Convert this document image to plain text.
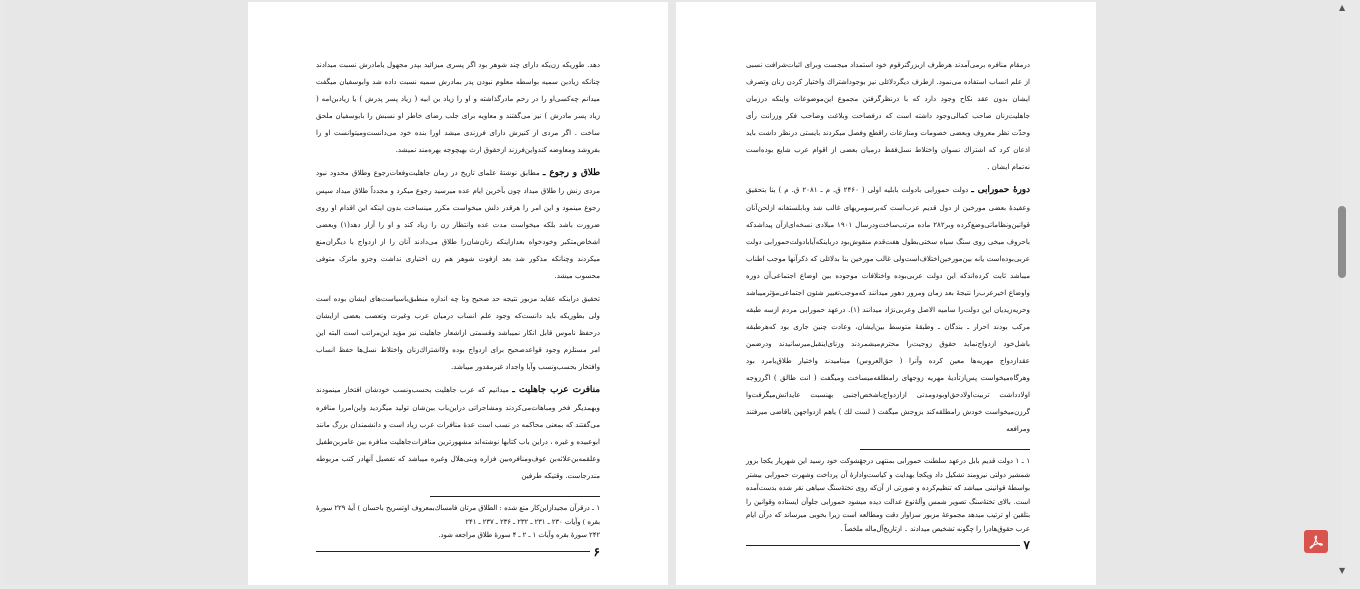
دهد. طوریکه زن‌یکه دارای چند شوهر بود اگر پسری میزائید بپدر مجهول یامادرش نسبت میدادند چنانکه زیادبن سمیه بواسطه معلوم نبودن پدر بمادرش سمیه نسبت داده شد وابوسفیان میگفت میدانم چه‌کسی‌او را در رحم مادرگذاشته و او را زیاد بن ابیه ( زیاد پسر پدرش ) یا زیادبن‌امه ( زیاد پسر مادرش ) نیز می‌گفتند و معاویه برای جلب رضای خاطر او نسبش را بابوسفیان ملحق ساخت . اگر مردی از کنیزش دارای فرزندی میشد اورا بنده خود می‌دانست‌ومیتوانست او را بفروشد ومعاوضه کندواین‌فرزند ازحقوق ارث بهیچوجه بهره‌مند نمیشد.

طلاق و رجوع ـ مطابق نوشتهٔ علمای تاریخ در زمان جاهلیت‌وفعات‌رجوع وطلاق محدود نبود مردی زنش را طلاق میداد چون بآخرین ایام عده میرسید رجوع میکرد و مجدداً طلاق میداد سپس رجوع مینمود و این امر را هرقدر دلش میخواست مکرر مینساخت بدون اینکه این اقدام او روی ضرورت باشد بلکه میخواست مدت عده وانتظار زن را زیاد کند و او را آزار دهد(۱) وبعضی اشخاص‌متکبر وخودخواه بعدازاینکه زنان‌شان‌را طلاق می‌دادند آنان را از ازدواج با دیگران‌منع میکردند وچنانکه مذکور شد بعد ازفوت شوهر هم زن اختیاری نداشت وجزو ماترک متوفی محسوب میشد.

تحقیق دراینکه عقاید مزبور نتیجه حد صحیح ونا چه اندازه منطبق‌باسیاست‌های ایشان بوده است ولی بطوریکه باید دانست‌که وجود علم انساب درمیان عرب وغیرت وتعصب بعضی ازایشان درحفظ ناموس قابل انکار نمیباشد وقسمتی ازاشعار جاهلیت نیز مؤید این‌مراتب است البته این امر مستلزم وجود قواعدصحیح برای ازدواج بوده ولااشتراك‌زنان واختلاط نسل‌ها حفظ انساب وافتخار بحسب‌ونسب وآبا واجداد غیرمقدور میباشد.

منافرت عرب جاهلیت ـ میدانیم که عرب جاهلیت بحسب‌ونسب خودشان افتخار مینمودند وبهمدیگر فخر ومباهات‌می‌کردند ومشاجراتی دراین‌باب بین‌شان تولید میگردید واین‌امررا منافره می‌گفتند که بمعنی محاکمه در نسب است عدهٔ منافرات عرب زیاد است و دانشمندان بزرگ مانند ابوعبیده و غیره ، دراین باب کتابها نوشته‌اند مشهورترین منافرات‌جاهلیت منافره بین عامربن‌طفیل وعلقمه‌بن‌علاثه‌بن عوف‌ومنافره‌بین فزاره وبنی‌هلال وغیره میباشد که تفصیل آنهادر کتب مربوطه مندرجاست. وقتیکه طرفین

۱ ـ درقرآن مجیدازاین‌کار منع شده : الطلاق مرتان فامساك‌بمعروف اوتسریح باحسان ) آیهٔ ۲۲۹ سورهٔ بقره ) وآیات ۲۳۰ ـ ۲۳۱ ـ ۲۳۲ ـ ۲۳۶ ـ ۲۳۷ ـ ۲۴۱

۲۴۲ سورهٔ بقره وآیات ۱ ـ ۲ ـ ۴ سورهٔ طلاق مراجعه شود.

۶

درمقام منافره برمی‌آمدند هرطرف ازبزرگترقوم خود استمداد میجست وبرای اثبات‌شرافت نسبی از علم انساب استفاده می‌نمود. ازطرف دیگردلائلی نیز بوجوداشتراك واختیار کردن زنان وتصرف ایشان بدون عقد نکاح وجود دارد که با درنظرگرفتن مجموع این‌موضوعات واینکه درزمان جاهلیت‌زنان صاحب کمالی‌وجود داشته است که درفصاحت وبلاغت وصاحب فکر وزرانت رأی وحدّت نظر معروف وبعضی خصومات ومنازعات راقطع وفصل میکردند بایستی درنظر داشت باید اذعان کرد که اشتراك نسوان واختلاط نسل‌فقط درمیان بعضی از اقوام عرب شایع بوده‌است نه‌تمام ایشان .

دورهٔ حمورابی ـ دولت حمورابی بادولت بابلیه اولی ( ۲۴۶۰ ق. م ـ ۲۰۸۱ ق. م ) بنا بتحقیق وعقیدهٔ بعضی مورخین از دول قدیم عرب‌است که‌برسومریهای غالب شد وبابلستفانه ازلحن‌آنان قوانین‌ونظاماتی‌وضع‌کرده وبر۲۸۲ ماده مرتب‌ساخت‌ودرسال ۱۹۰۱ میلادی نسخه‌ای‌ازآن پیداشد‌که باحروف میخی روی سنگ سیاه سختی‌بطول هفت‌قدم منقوش‌بود درباینکه‌آیا‌بادولت‌حمورابی دولت عربی‌بوده‌است یانه بین‌مورخین‌اختلاف‌است‌ولی غالب مورخین بنا بدلائلی که ذکرآنها موجب اطناب میباشد ثابت کرده‌اندکه این دولت عربی‌بوده واختلافات موجوده بین اوضاع اجتماعی‌آن دوره واوضاع اخیرعرب‌را نتیجهٔ بعد زمان ومرور دهور میدانند که‌موجب‌تغییر شئون اجتماعی‌مؤثرمیباشد وحریه‌زیدیان این دولت‌را ساميه الاصل وعربی‌نژاد میدانند (۱). درعهد حمورابی مردم ازسه طبقه مرکب بودند احرار ـ بندگان ـ وطبقهٔ متوسط بین‌ایشان، وعادت چنین جاری بود که‌هرطبقه باشل‌خود ازدواج‌نماید حقوق زوجیت‌را محترم‌میشمردند وزنای‌اینقبل‌میرسانیدند ودرضمن عقدازدواج مهریه‌ها معین کرده وآنرا ( حق‌العروس) مینامیدند واختیار طلاق‌بامرد بود وهرگاه‌میخواست پس‌ازتأدیهٔ مهریه زوجهای رامطلقه‌میساخت ومیگفت ( انت طالق ) اگرزوجه اولادداشت تربیت‌اولادحق‌اوبود‌ومدتی ازازدواج‌باشخص‌اجنبی بهنسبت عایداتش‌میگرفت‌وا گرزن‌میخواست خودش رامطلقه‌کند بزوجش میگفت ( لست لك ) یاهم ازدواجهن یاقاضی میرفتند ومرافعه

۱ ـ ۱ دولت قدیم بابل درعهد سلطنت حمورابی بمنتهی درجهٔشوکت خود رسید این شهریار یکجا بزور شمشیر دولتی نیرومند تشکیل داد ویکجا بهدایت و کیاست‌وادارهٔ آن پرداخت وشهرت حمورابی بیشتر بواسطهٔ قوانینی میباشد که تنظیم‌کرده و صورتی از آن‌که روی تختهٔ‌سنگ سیاهی نقر شده بدست‌آمده است. بالای تختهٔ‌سنگ تصویر شمس وآلهٔ‌نوع عدالت دیده میشود حمورابی جلوآن ایستاده وقوانین را بتلقین او ترتیب میدهد مجموعهٔ مزبور سزاوار دقت ومطالعه است زیرا بخوبی میرساند که درآن ایام عرب حقوق‌هادرا را چگونه تشخیص میدادند ۔ ازتاریخ‌آل‌ماله ملخصاً .

۷
▲
▼
